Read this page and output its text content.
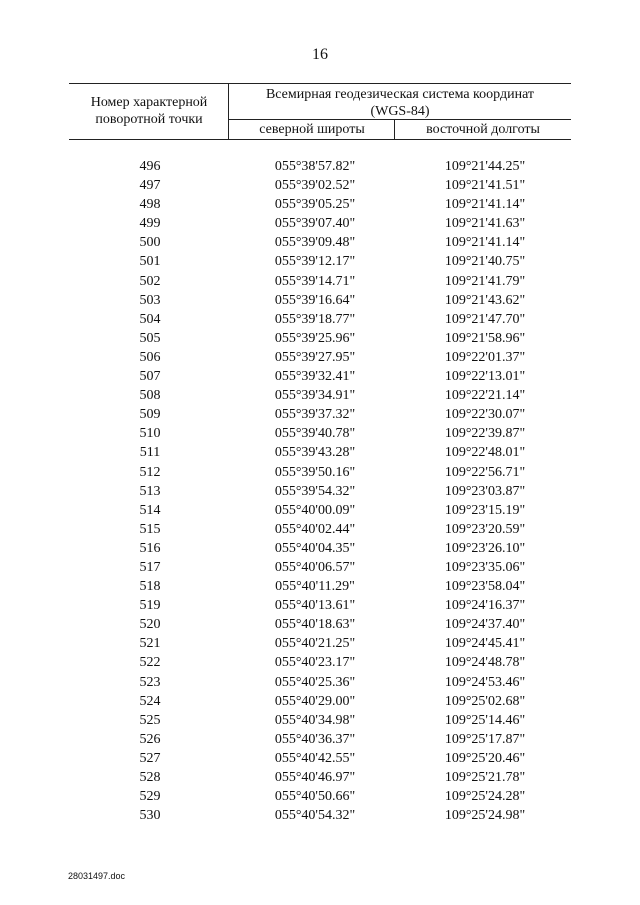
16
Номер характерной
поворотной точки
Всемирная геодезическая система координат
(WGS-84)
северной широты	восточной долготы
496	055°38'57.82"	109°21'44.25"
497	055°39'02.52"	109°21'41.51"
498	055°39'05.25"	109°21'41.14"
499	055°39'07.40"	109°21'41.63"
500	055°39'09.48"	109°21'41.14"
501	055°39'12.17"	109°21'40.75"
502	055°39'14.71"	109°21'41.79"
503	055°39'16.64"	109°21'43.62"
504	055°39'18.77"	109°21'47.70"
505	055°39'25.96"	109°21'58.96"
506	055°39'27.95"	109°22'01.37"
507	055°39'32.41"	109°22'13.01"
508	055°39'34.91"	109°22'21.14"
509	055°39'37.32"	109°22'30.07"
510	055°39'40.78"	109°22'39.87"
511	055°39'43.28"	109°22'48.01"
512	055°39'50.16"	109°22'56.71"
513	055°39'54.32"	109°23'03.87"
514	055°40'00.09"	109°23'15.19"
515	055°40'02.44"	109°23'20.59"
516	055°40'04.35"	109°23'26.10"
517	055°40'06.57"	109°23'35.06"
518	055°40'11.29"	109°23'58.04"
519	055°40'13.61"	109°24'16.37"
520	055°40'18.63"	109°24'37.40"
521	055°40'21.25"	109°24'45.41"
522	055°40'23.17"	109°24'48.78"
523	055°40'25.36"	109°24'53.46"
524	055°40'29.00"	109°25'02.68"
525	055°40'34.98"	109°25'14.46"
526	055°40'36.37"	109°25'17.87"
527	055°40'42.55"	109°25'20.46"
528	055°40'46.97"	109°25'21.78"
529	055°40'50.66"	109°25'24.28"
530	055°40'54.32"	109°25'24.98"
28031497.doc
